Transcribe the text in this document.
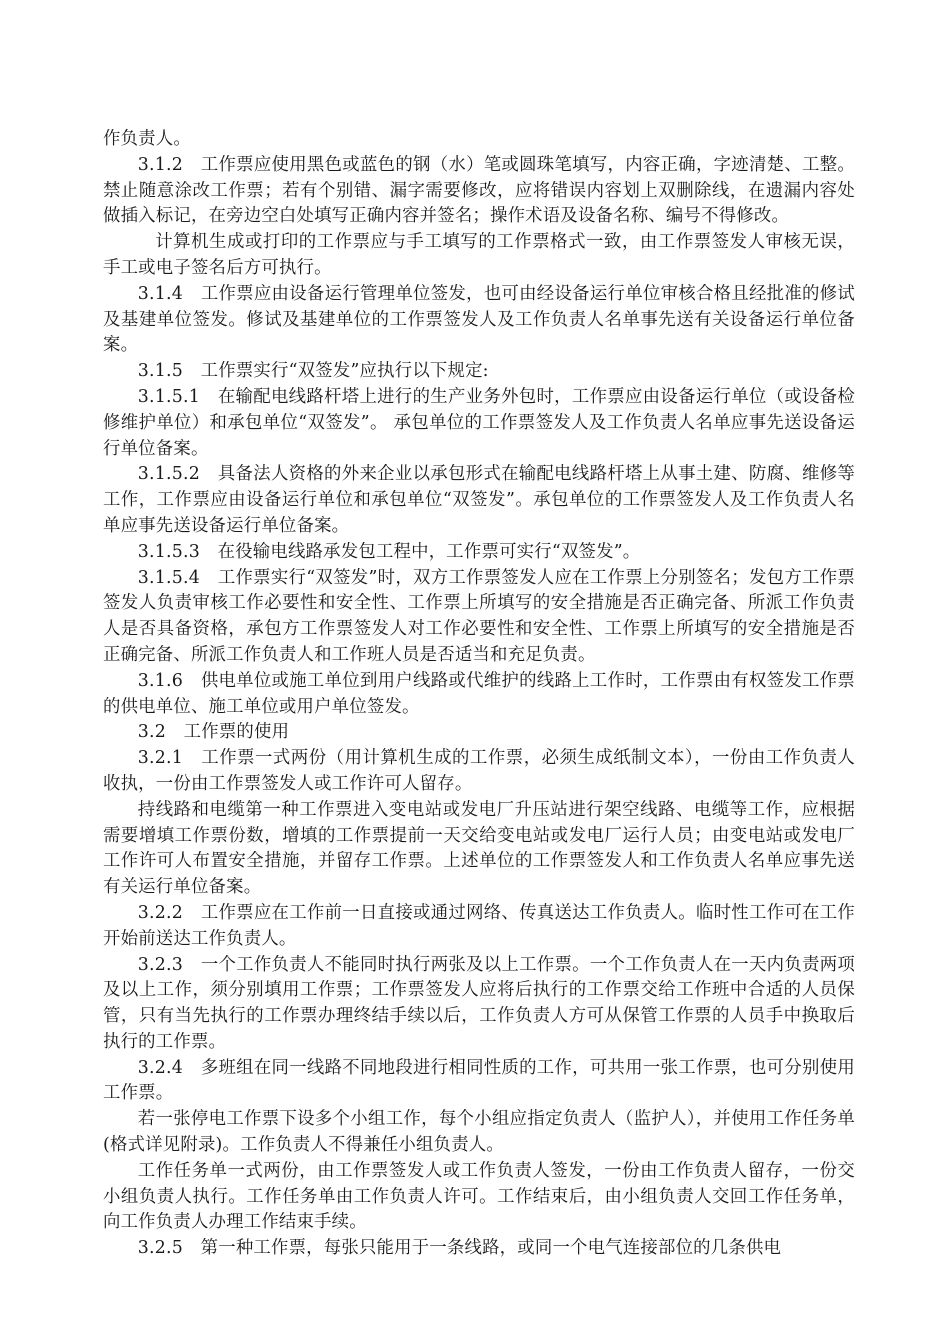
作负责人。

3.1.2　工作票应使用黑色或蓝色的钢（水）笔或圆珠笔填写，内容正确，字迹清楚、工整。禁止随意涂改工作票；若有个别错、漏字需要修改，应将错误内容划上双删除线，在遗漏内容处做插入标记，在旁边空白处填写正确内容并签名；操作术语及设备名称、编号不得修改。

计算机生成或打印的工作票应与手工填写的工作票格式一致，由工作票签发人审核无误，手工或电子签名后方可执行。

3.1.4　工作票应由设备运行管理单位签发，也可由经设备运行单位审核合格且经批准的修试及基建单位签发。修试及基建单位的工作票签发人及工作负责人名单事先送有关设备运行单位备案。

3.1.5　工作票实行“双签发”应执行以下规定:

3.1.5.1　在输配电线路杆塔上进行的生产业务外包时，工作票应由设备运行单位（或设备检修维护单位）和承包单位“双签发”。 承包单位的工作票签发人及工作负责人名单应事先送设备运行单位备案。

3.1.5.2　具备法人资格的外来企业以承包形式在输配电线路杆塔上从事土建、防腐、维修等工作，工作票应由设备运行单位和承包单位“双签发”。承包单位的工作票签发人及工作负责人名单应事先送设备运行单位备案。

3.1.5.3　在役输电线路承发包工程中，工作票可实行“双签发”。

3.1.5.4　工作票实行“双签发”时，双方工作票签发人应在工作票上分别签名；发包方工作票签发人负责审核工作必要性和安全性、工作票上所填写的安全措施是否正确完备、所派工作负责人是否具备资格，承包方工作票签发人对工作必要性和安全性、工作票上所填写的安全措施是否正确完备、所派工作负责人和工作班人员是否适当和充足负责。

3.1.6　供电单位或施工单位到用户线路或代维护的线路上工作时，工作票由有权签发工作票的供电单位、施工单位或用户单位签发。

3.2　工作票的使用

3.2.1　工作票一式两份（用计算机生成的工作票，必须生成纸制文本），一份由工作负责人收执，一份由工作票签发人或工作许可人留存。

持线路和电缆第一种工作票进入变电站或发电厂升压站进行架空线路、电缆等工作，应根据需要增填工作票份数，增填的工作票提前一天交给变电站或发电厂运行人员；由变电站或发电厂工作许可人布置安全措施，并留存工作票。上述单位的工作票签发人和工作负责人名单应事先送有关运行单位备案。

3.2.2　工作票应在工作前一日直接或通过网络、传真送达工作负责人。临时性工作可在工作开始前送达工作负责人。

3.2.3　一个工作负责人不能同时执行两张及以上工作票。一个工作负责人在一天内负责两项及以上工作，须分别填用工作票；工作票签发人应将后执行的工作票交给工作班中合适的人员保管，只有当先执行的工作票办理终结手续以后，工作负责人方可从保管工作票的人员手中换取后执行的工作票。

3.2.4　多班组在同一线路不同地段进行相同性质的工作，可共用一张工作票，也可分别使用工作票。

若一张停电工作票下设多个小组工作，每个小组应指定负责人（监护人），并使用工作任务单(格式详见附录)。工作负责人不得兼任小组负责人。

工作任务单一式两份，由工作票签发人或工作负责人签发，一份由工作负责人留存，一份交小组负责人执行。工作任务单由工作负责人许可。工作结束后，由小组负责人交回工作任务单，向工作负责人办理工作结束手续。

3.2.5　第一种工作票，每张只能用于一条线路，或同一个电气连接部位的几条供电
